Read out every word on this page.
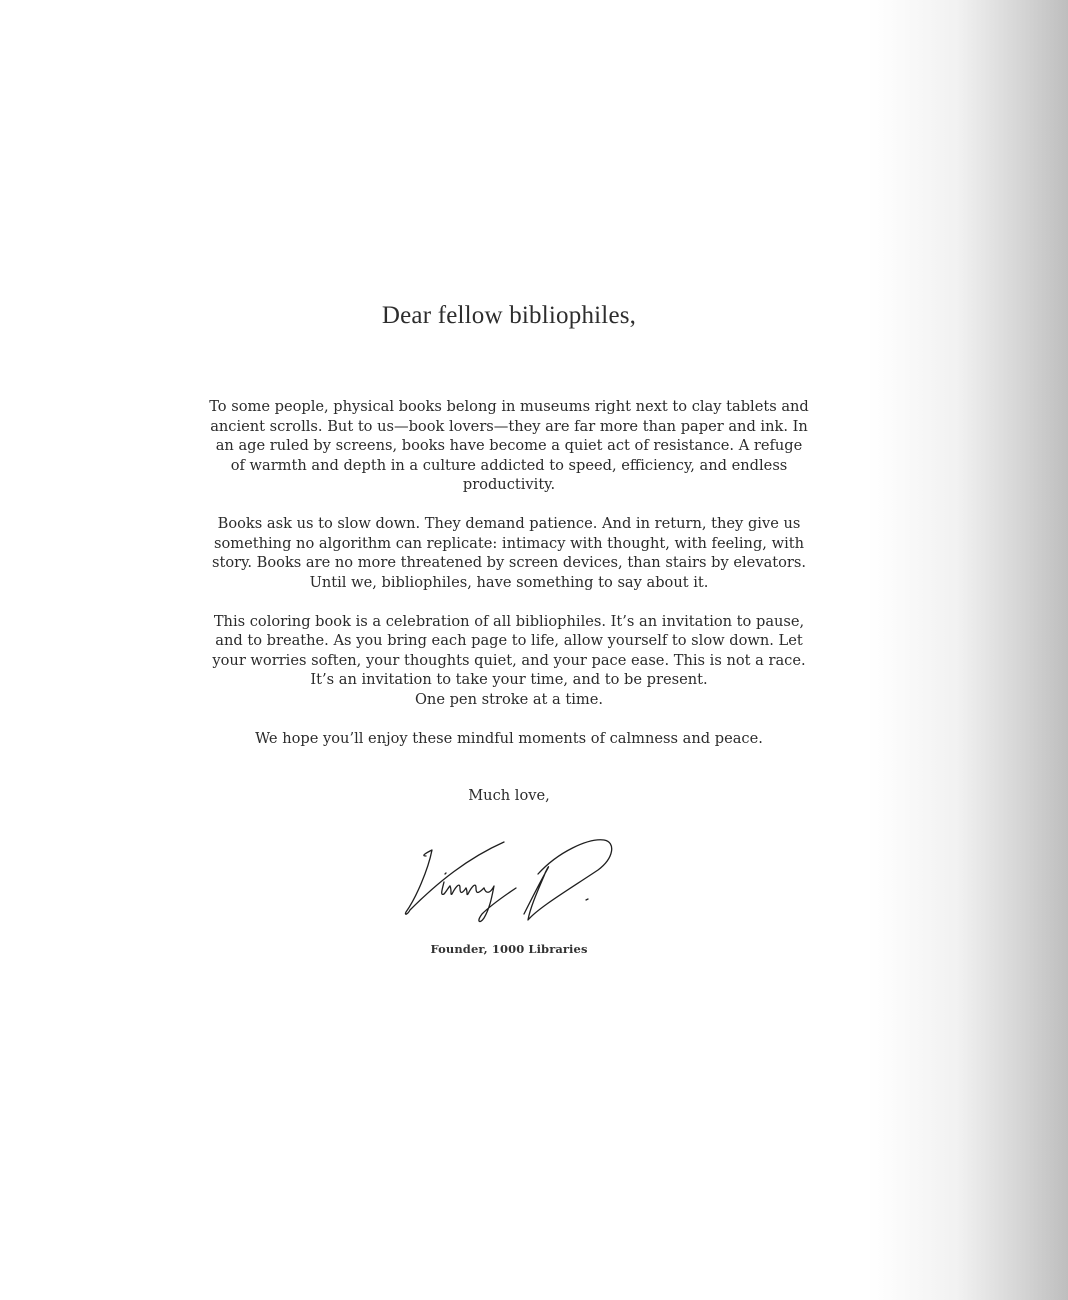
Dear fellow bibliophiles,

To some people, physical books belong in museums right next to clay tablets and ancient scrolls. But to us—book lovers—they are far more than paper and ink. In an age ruled by screens, books have become a quiet act of resistance. A refuge of warmth and depth in a culture addicted to speed, efficiency, and endless productivity.

Books ask us to slow down. They demand patience. And in return, they give us something no algorithm can replicate: intimacy with thought, with feeling, with story. Books are no more threatened by screen devices, than stairs by elevators. Until we, bibliophiles, have something to say about it.

This coloring book is a celebration of all bibliophiles. It’s an invitation to pause, and to breathe. As you bring each page to life, allow yourself to slow down. Let your worries soften, your thoughts quiet, and your pace ease. This is not a race. It’s an invitation to take your time, and to be present.
One pen stroke at a time.

We hope you’ll enjoy these mindful moments of calmness and peace.

Much love,
Founder, 1000 Libraries
